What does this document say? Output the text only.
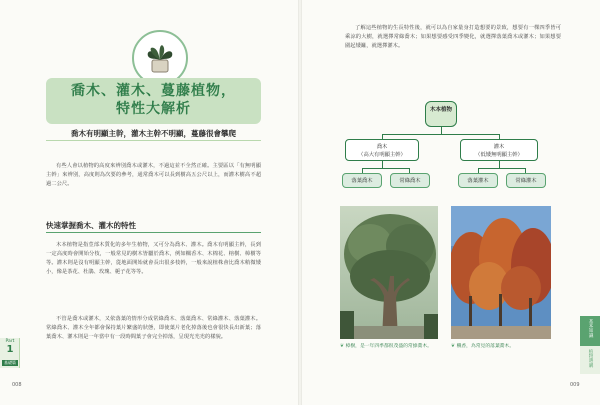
喬木、灌木、蔓藤植物，
特性大解析
喬木有明顯主幹，灌木主幹不明顯，蔓藤很會攀爬
有些人會以植物的高度來辨別喬木或灌木，不過這並不全然正確。主要區以「有無明顯主幹」來辨別，高度則為次要的參考，通常喬木可以長到樹高五公尺以上，而灌木樹高不超過二公尺。
快速掌握喬木、灌木的特性
木本植物是指莖部木質化的多年生植物，又可分為喬木、灌木。喬木有明顯主幹，長到一定高度時會開始分枝，一般常見的樹木皆屬於喬木，例如楓香木、木棉花、榕樹、樟樹等等。灌木則是沒有明顯主幹，從地面開始就會長出很多枝幹，一般來說植株會比喬木稍微矮小，像是茶花、杜鵑、玫瑰、梔子花等等。
不管是喬木或灌木，又依落葉的情形分成常綠喬木、落葉喬木、常綠灌木、落葉灌木。常綠喬木、灌木全年都會保持葉片繁盛的狀態，即使葉片老化掉落後也會很快長出新葉；落葉喬木、灌木則是一年當中有一段時間葉子會完全掉落，呈現光禿禿的樣貌。
Part
1
基礎篇
008
了解這些植物的生長特性後，就可以為自家量身打造想要的景致，想要有一棵四季皆可乘涼的大樹，就選擇常綠喬木；如果想要感受四季變化，就選擇落葉喬木或灌木；如果想要圍起矮籬，就選擇灌木。
木本植物
喬木
（高大有明顯主幹）
灌木
（低矮無明顯主幹）
落葉喬木	常綠喬木	落葉灌木	常綠灌木
❦ 樟樹，是一年四季都很茂盛的常綠喬木。	❦ 楓香，為常見的落葉喬木。
基本知識
植物選購
009
